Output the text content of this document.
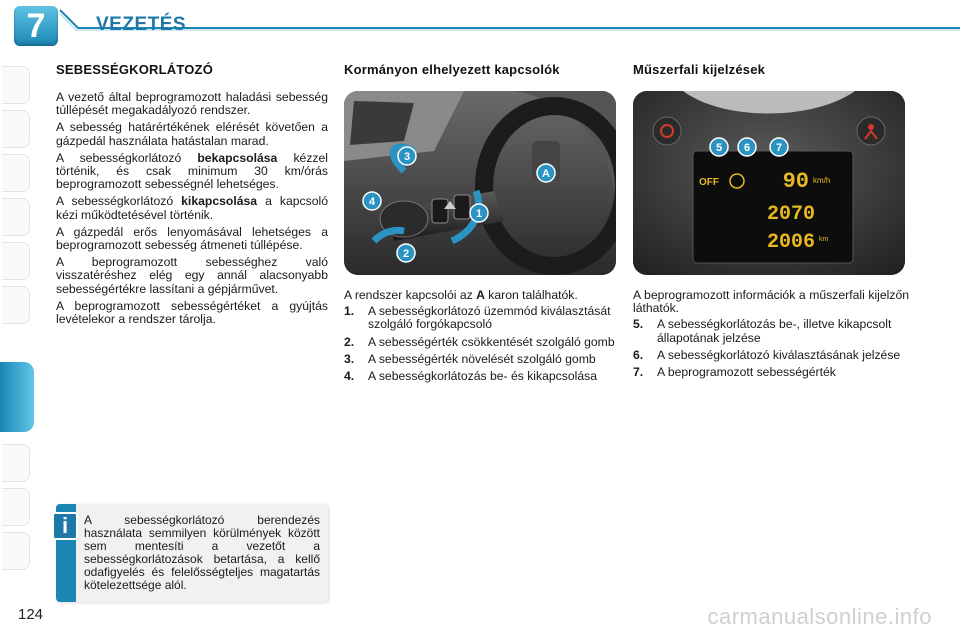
7	VEZETÉS
SEBESSÉGKORLÁTOZÓ

A vezető által beprogramozott haladási sebesség túllépését megakadályozó rendszer.

A sebesség határértékének elérését követően a gázpedál használata hatástalan marad.

A sebességkorlátozó bekapcsolása kézzel történik, és csak minimum 30 km/órás beprogramozott sebességnél lehetséges.

A sebességkorlátozó kikapcsolása a kapcsoló kézi működtetésével történik.

A gázpedál erős lenyomásával lehetséges a beprogramozott sebesség átmeneti túllépése.

A beprogramozott sebességhez való visszatéréshez elég egy annál alacsonyabb sebességértékre lassítani a gépjárművet.

A beprogramozott sebességértéket a gyújtás levételekor a rendszer tárolja.

i	A sebességkorlátozó berendezés használata semmilyen körülmények között sem mentesíti a vezetőt a sebességkorlátozások betartása, a kellő odafigyelés és felelősségteljes magatartás kötelezettsége alól.
Kormányon elhelyezett kapcsolók
3
4
1
2
A

A rendszer kapcsolói az A karon találhatók.

1.	A sebességkorlátozó üzemmód kiválasztását szolgáló forgókapcsoló
2.	A sebességérték csökkentését szolgáló gomb
3.	A sebességérték növelését szolgáló gomb
4.	A sebességkorlátozás be- és kikapcsolása
Műszerfali kijelzések
OFF	90 km/h
2070
2006 km
5 6 7

A beprogramozott információk a műszerfali kijelzőn láthatók.

5.	A sebességkorlátozás be-, illetve kikapcsolt állapotának jelzése
6.	A sebességkorlátozó kiválasztásának jelzése
7.	A beprogramozott sebességérték
124	carmanualsonline.info
